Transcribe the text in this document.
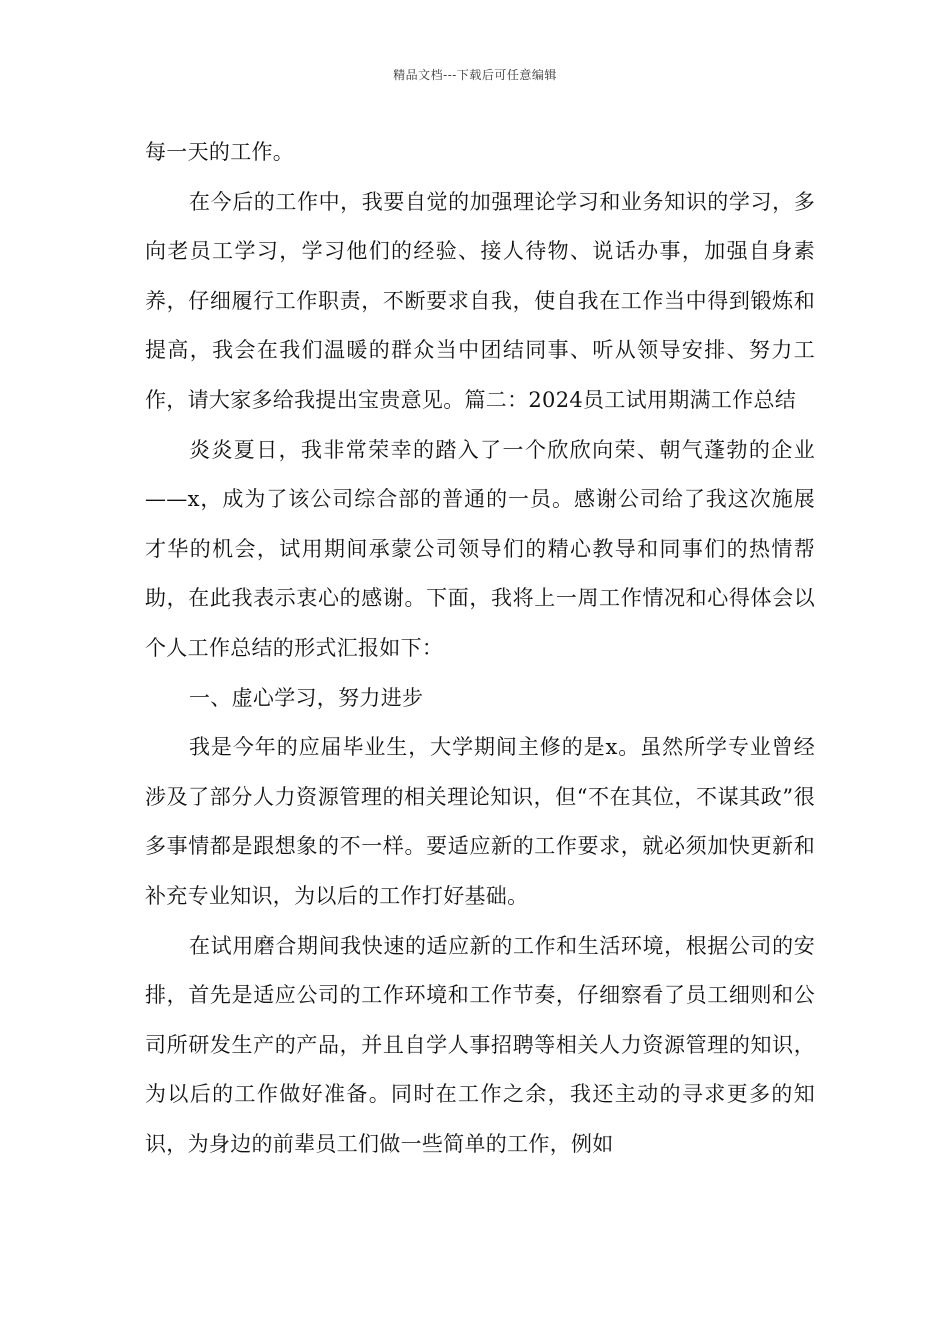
精品文档---下载后可任意编辑

每一天的工作。

在今后的工作中，我要自觉的加强理论学习和业务知识的学习，多向老员工学习，学习他们的经验、接人待物、说话办事，加强自身素养，仔细履行工作职责，不断要求自我，使自我在工作当中得到锻炼和提高，我会在我们温暖的群众当中团结同事、听从领导安排、努力工作，请大家多给我提出宝贵意见。篇二：2024员工试用期满工作总结

炎炎夏日，我非常荣幸的踏入了一个欣欣向荣、朝气蓬勃的企业——x，成为了该公司综合部的普通的一员。感谢公司给了我这次施展才华的机会，试用期间承蒙公司领导们的精心教导和同事们的热情帮助，在此我表示衷心的感谢。下面，我将上一周工作情况和心得体会以个人工作总结的形式汇报如下：

一、虚心学习，努力进步

我是今年的应届毕业生，大学期间主修的是x。虽然所学专业曾经涉及了部分人力资源管理的相关理论知识，但“不在其位，不谋其政”很多事情都是跟想象的不一样。要适应新的工作要求，就必须加快更新和补充专业知识，为以后的工作打好基础。

在试用磨合期间我快速的适应新的工作和生活环境，根据公司的安排，首先是适应公司的工作环境和工作节奏，仔细察看了员工细则和公司所研发生产的产品，并且自学人事招聘等相关人力资源管理的知识，为以后的工作做好准备。同时在工作之余，我还主动的寻求更多的知识，为身边的前辈员工们做一些简单的工作，例如
